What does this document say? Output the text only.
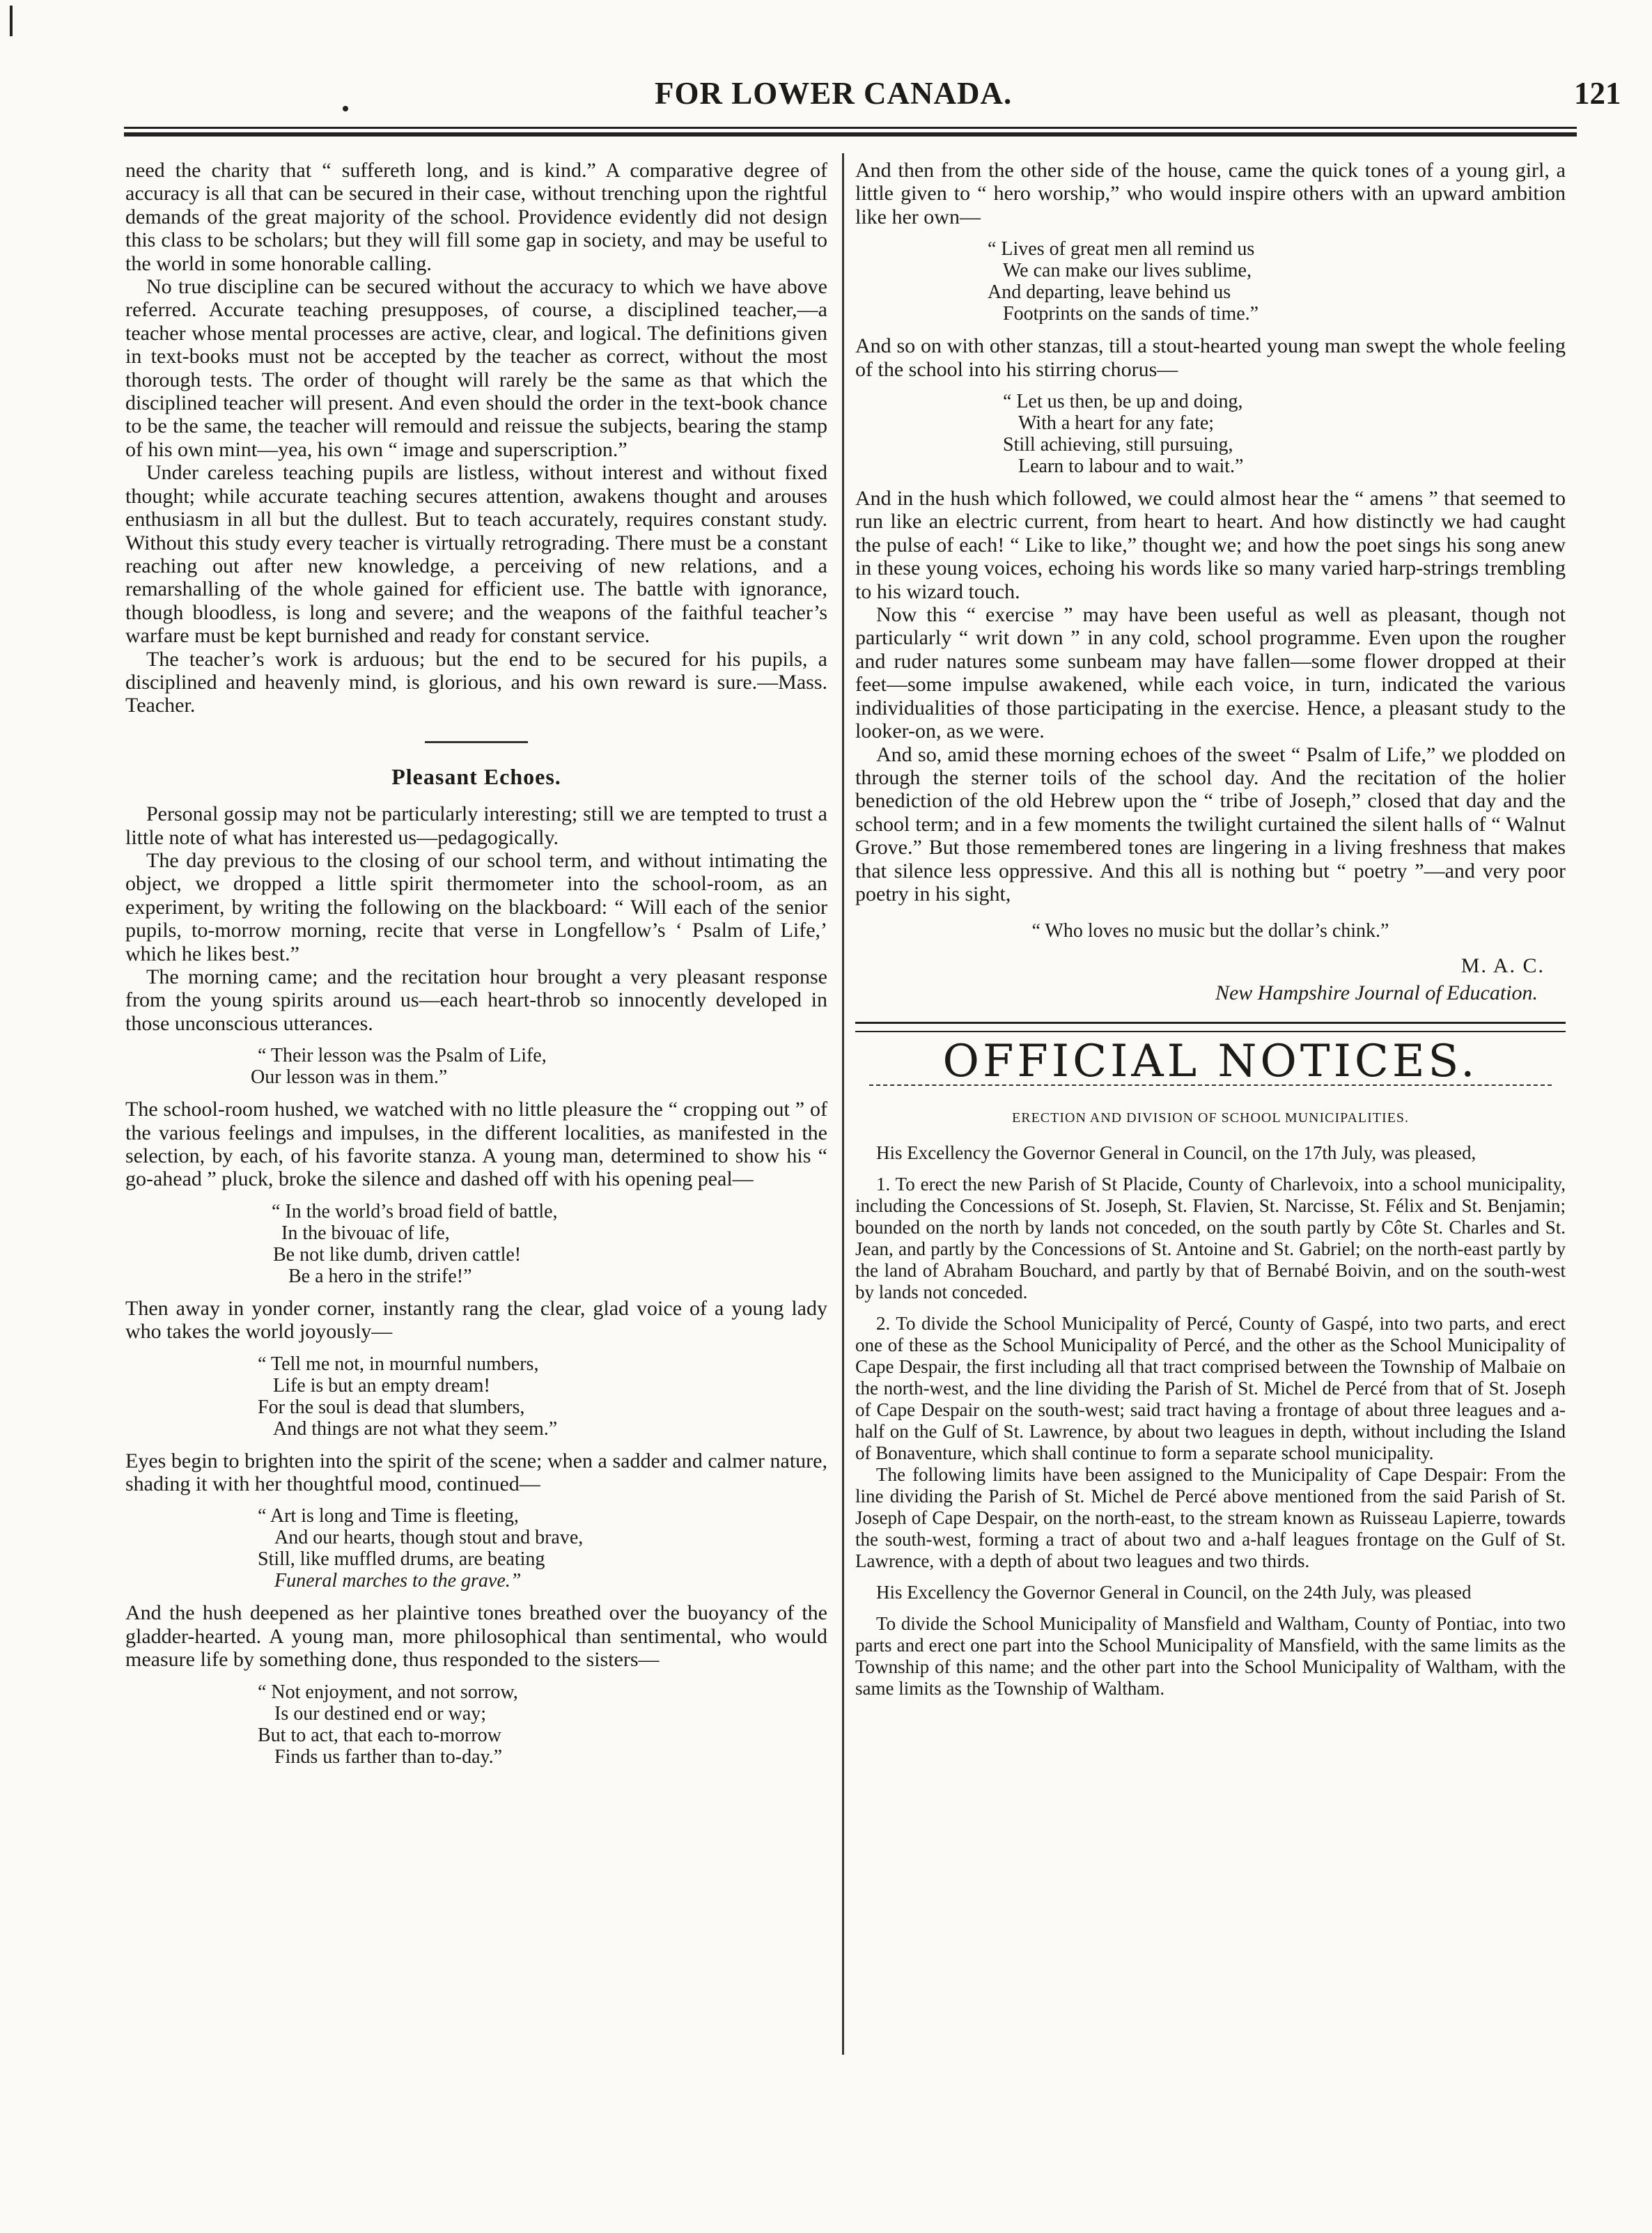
FOR LOWER CANADA.	121

need the charity that “ suffereth long, and is kind.” A comparative degree of accuracy is all that can be secured in their case, without trenching upon the rightful demands of the great majority of the school. Providence evidently did not design this class to be scholars; but they will fill some gap in society, and may be useful to the world in some honorable calling.

No true discipline can be secured without the accuracy to which we have above referred. Accurate teaching presupposes, of course, a disciplined teacher,—a teacher whose mental processes are active, clear, and logical. The definitions given in text-books must not be accepted by the teacher as correct, without the most thorough tests. The order of thought will rarely be the same as that which the disciplined teacher will present. And even should the order in the text-book chance to be the same, the teacher will remould and reissue the subjects, bearing the stamp of his own mint—yea, his own “ image and superscription.”

Under careless teaching pupils are listless, without interest and without fixed thought; while accurate teaching secures attention, awakens thought and arouses enthusiasm in all but the dullest. But to teach accurately, requires constant study. Without this study every teacher is virtually retrograding. There must be a constant reaching out after new knowledge, a perceiving of new relations, and a remarshalling of the whole gained for efficient use. The battle with ignorance, though bloodless, is long and severe; and the weapons of the faithful teacher’s warfare must be kept burnished and ready for constant service.

The teacher’s work is arduous; but the end to be secured for his pupils, a disciplined and heavenly mind, is glorious, and his own reward is sure.—Mass. Teacher.

Pleasant Echoes.

Personal gossip may not be particularly interesting; still we are tempted to trust a little note of what has interested us—pedagogically.

The day previous to the closing of our school term, and without intimating the object, we dropped a little spirit thermometer into the school-room, as an experiment, by writing the following on the blackboard: “ Will each of the senior pupils, to-morrow morning, recite that verse in Longfellow’s ‘ Psalm of Life,’ which he likes best.”

The morning came; and the recitation hour brought a very pleasant response from the young spirits around us—each heart-throb so innocently developed in those unconscious utterances.

“ Their lesson was the Psalm of Life,
Our lesson was in them.”

The school-room hushed, we watched with no little pleasure the “ cropping out ” of the various feelings and impulses, in the different localities, as manifested in the selection, by each, of his favorite stanza. A young man, determined to show his “ go-ahead ” pluck, broke the silence and dashed off with his opening peal—

“ In the world’s broad field of battle,
In the bivouac of life,
Be not like dumb, driven cattle!
Be a hero in the strife!”

Then away in yonder corner, instantly rang the clear, glad voice of a young lady who takes the world joyously—

“ Tell me not, in mournful numbers,
Life is but an empty dream!
For the soul is dead that slumbers,
And things are not what they seem.”

Eyes begin to brighten into the spirit of the scene; when a sadder and calmer nature, shading it with her thoughtful mood, continued—

“ Art is long and Time is fleeting,
And our hearts, though stout and brave,
Still, like muffled drums, are beating
Funeral marches to the grave.”

And the hush deepened as her plaintive tones breathed over the buoyancy of the gladder-hearted. A young man, more philosophical than sentimental, who would measure life by something done, thus responded to the sisters—

“ Not enjoyment, and not sorrow,
Is our destined end or way;
But to act, that each to-morrow
Finds us farther than to-day.”

And then from the other side of the house, came the quick tones of a young girl, a little given to “ hero worship,” who would inspire others with an upward ambition like her own—

“ Lives of great men all remind us
We can make our lives sublime,
And departing, leave behind us
Footprints on the sands of time.”

And so on with other stanzas, till a stout-hearted young man swept the whole feeling of the school into his stirring chorus—

“ Let us then, be up and doing,
With a heart for any fate;
Still achieving, still pursuing,
Learn to labour and to wait.”

And in the hush which followed, we could almost hear the “ amens ” that seemed to run like an electric current, from heart to heart. And how distinctly we had caught the pulse of each! “ Like to like,” thought we; and how the poet sings his song anew in these young voices, echoing his words like so many varied harp-strings trembling to his wizard touch.

Now this “ exercise ” may have been useful as well as pleasant, though not particularly “ writ down ” in any cold, school programme. Even upon the rougher and ruder natures some sunbeam may have fallen—some flower dropped at their feet—some impulse awakened, while each voice, in turn, indicated the various individualities of those participating in the exercise. Hence, a pleasant study to the looker-on, as we were.

And so, amid these morning echoes of the sweet “ Psalm of Life,” we plodded on through the sterner toils of the school day. And the recitation of the holier benediction of the old Hebrew upon the “ tribe of Joseph,” closed that day and the school term; and in a few moments the twilight curtained the silent halls of “ Walnut Grove.” But those remembered tones are lingering in a living freshness that makes that silence less oppressive. And this all is nothing but “ poetry ”—and very poor poetry in his sight,

“ Who loves no music but the dollar’s chink.”
M. A. C.
New Hampshire Journal of Education.
OFFICIAL NOTICES.
ERECTION AND DIVISION OF SCHOOL MUNICIPALITIES.

His Excellency the Governor General in Council, on the 17th July, was pleased,

1. To erect the new Parish of St Placide, County of Charlevoix, into a school municipality, including the Concessions of St. Joseph, St. Flavien, St. Narcisse, St. Félix and St. Benjamin; bounded on the north by lands not conceded, on the south partly by Côte St. Charles and St. Jean, and partly by the Concessions of St. Antoine and St. Gabriel; on the north-east partly by the land of Abraham Bouchard, and partly by that of Bernabé Boivin, and on the south-west by lands not conceded.

2. To divide the School Municipality of Percé, County of Gaspé, into two parts, and erect one of these as the School Municipality of Percé, and the other as the School Municipality of Cape Despair, the first including all that tract comprised between the Township of Malbaie on the north-west, and the line dividing the Parish of St. Michel de Percé from that of St. Joseph of Cape Despair on the south-west; said tract having a frontage of about three leagues and a-half on the Gulf of St. Lawrence, by about two leagues in depth, without including the Island of Bonaventure, which shall continue to form a separate school municipality.

The following limits have been assigned to the Municipality of Cape Despair: From the line dividing the Parish of St. Michel de Percé above mentioned from the said Parish of St. Joseph of Cape Despair, on the north-east, to the stream known as Ruisseau Lapierre, towards the south-west, forming a tract of about two and a-half leagues frontage on the Gulf of St. Lawrence, with a depth of about two leagues and two thirds.

His Excellency the Governor General in Council, on the 24th July, was pleased

To divide the School Municipality of Mansfield and Waltham, County of Pontiac, into two parts and erect one part into the School Municipality of Mansfield, with the same limits as the Township of this name; and the other part into the School Municipality of Waltham, with the same limits as the Township of Waltham.
